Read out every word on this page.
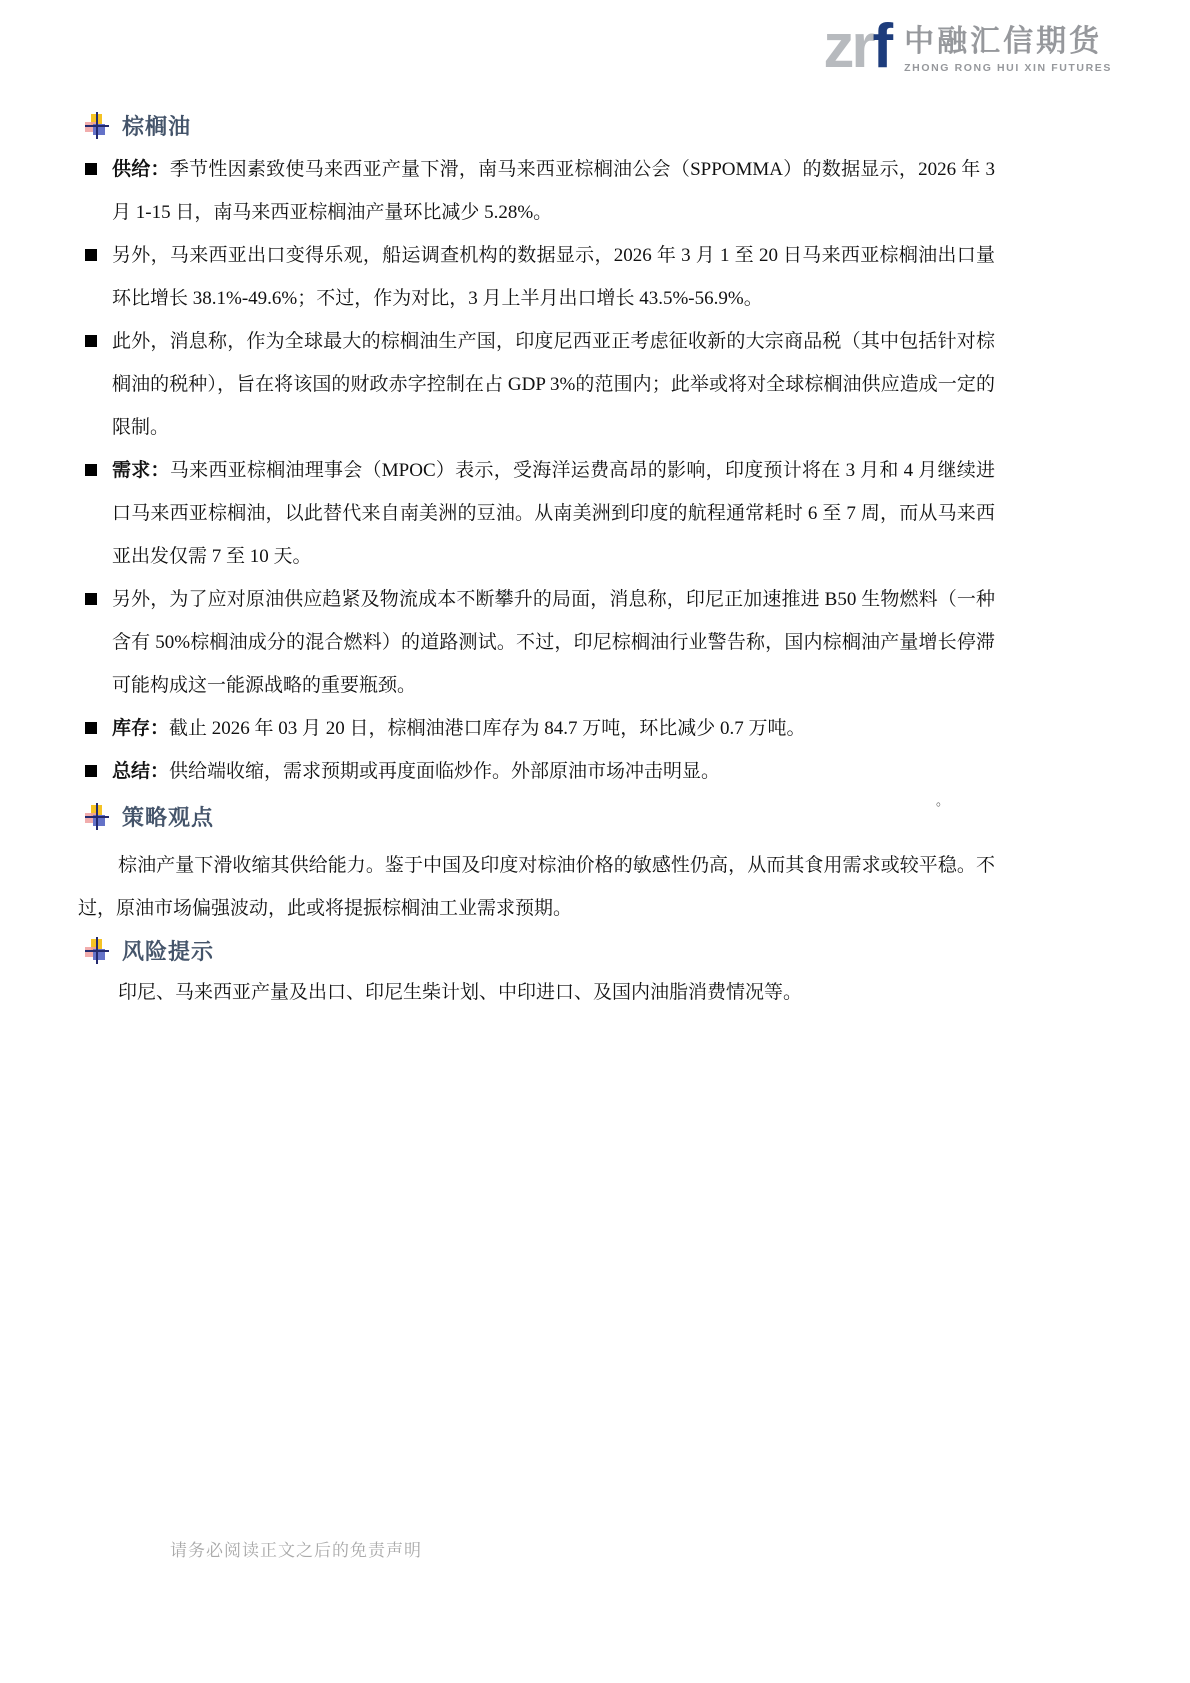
zrf 中融汇信期货
ZHONG RONG HUI XIN FUTURES
棕榈油
供给：季节性因素致使马来西亚产量下滑，南马来西亚棕榈油公会（SPPOMMA）的数据显示，2026 年 3 月 1-15 日，南马来西亚棕榈油产量环比减少 5.28%。
另外，马来西亚出口变得乐观，船运调查机构的数据显示，2026 年 3 月 1 至 20 日马来西亚棕榈油出口量环比增长 38.1%-49.6%；不过，作为对比，3 月上半月出口增长 43.5%-56.9%。
此外，消息称，作为全球最大的棕榈油生产国，印度尼西亚正考虑征收新的大宗商品税（其中包括针对棕榈油的税种），旨在将该国的财政赤字控制在占 GDP 3%的范围内；此举或将对全球棕榈油供应造成一定的限制。
需求：马来西亚棕榈油理事会（MPOC）表示，受海洋运费高昂的影响，印度预计将在 3 月和 4 月继续进口马来西亚棕榈油，以此替代来自南美洲的豆油。从南美洲到印度的航程通常耗时 6 至 7 周，而从马来西亚出发仅需 7 至 10 天。
另外，为了应对原油供应趋紧及物流成本不断攀升的局面，消息称，印尼正加速推进 B50 生物燃料（一种含有 50%棕榈油成分的混合燃料）的道路测试。不过，印尼棕榈油行业警告称，国内棕榈油产量增长停滞可能构成这一能源战略的重要瓶颈。
库存：截止 2026 年 03 月 20 日，棕榈油港口库存为 84.7 万吨，环比减少 0.7 万吨。
总结：供给端收缩，需求预期或再度面临炒作。外部原油市场冲击明显。
策略观点

棕油产量下滑收缩其供给能力。鉴于中国及印度对棕油价格的敏感性仍高，从而其食用需求或较平稳。不过，原油市场偏强波动，此或将提振棕榈油工业需求预期。

风险提示

印尼、马来西亚产量及出口、印尼生柴计划、中印进口、及国内油脂消费情况等。

。
请务必阅读正文之后的免责声明
